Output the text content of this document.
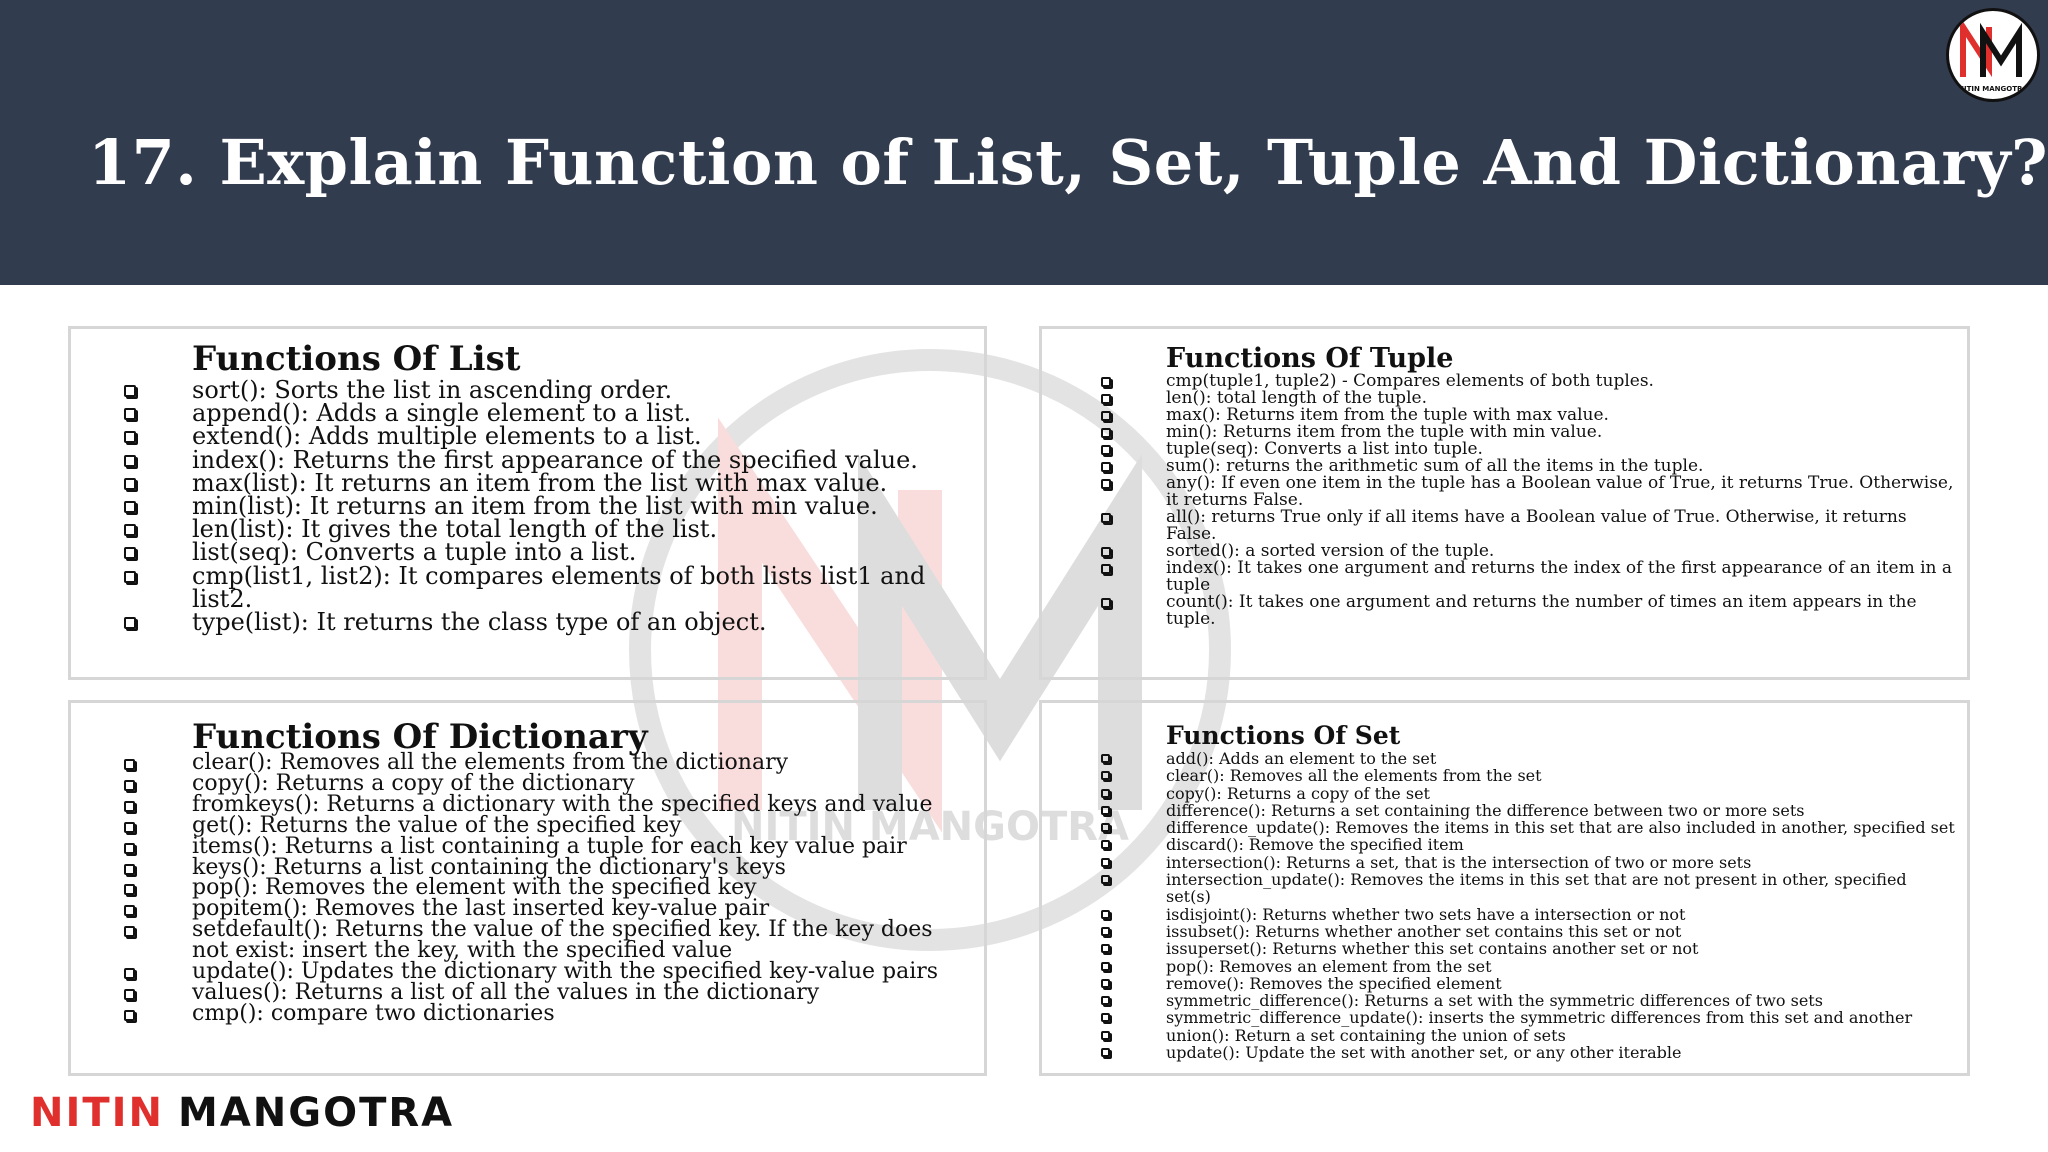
17. Explain Function of List, Set, Tuple And Dictionary?
NITIN MANGOTRA
NITIN MANGOTRA
Functions Of List
sort(): Sorts the list in ascending order.
append(): Adds a single element to a list.
extend(): Adds multiple elements to a list.
index(): Returns the first appearance of the specified value.
max(list): It returns an item from the list with max value.
min(list): It returns an item from the list with min value.
len(list): It gives the total length of the list.
list(seq): Converts a tuple into a list.
cmp(list1, list2): It compares elements of both lists list1 and list2.
type(list): It returns the class type of an object.
Functions Of Tuple
cmp(tuple1, tuple2) - Compares elements of both tuples.
len(): total length of the tuple.
max(): Returns item from the tuple with max value.
min(): Returns item from the tuple with min value.
tuple(seq): Converts a list into tuple.
sum(): returns the arithmetic sum of all the items in the tuple.
any(): If even one item in the tuple has a Boolean value of True, it returns True. Otherwise, it returns False.
all(): returns True only if all items have a Boolean value of True. Otherwise, it returns False.
sorted(): a sorted version of the tuple.
index(): It takes one argument and returns the index of the first appearance of an item in a tuple
count(): It takes one argument and returns the number of times an item appears in the tuple.
Functions Of Dictionary
clear(): Removes all the elements from the dictionary
copy(): Returns a copy of the dictionary
fromkeys(): Returns a dictionary with the specified keys and value
get(): Returns the value of the specified key
items(): Returns a list containing a tuple for each key value pair
keys(): Returns a list containing the dictionary's keys
pop(): Removes the element with the specified key
popitem(): Removes the last inserted key-value pair
setdefault(): Returns the value of the specified key. If the key does not exist: insert the key, with the specified value
update(): Updates the dictionary with the specified key-value pairs
values(): Returns a list of all the values in the dictionary
cmp(): compare two dictionaries
Functions Of Set
add(): Adds an element to the set
clear(): Removes all the elements from the set
copy(): Returns a copy of the set
difference(): Returns a set containing the difference between two or more sets
difference_update(): Removes the items in this set that are also included in another, specified set
discard(): Remove the specified item
intersection(): Returns a set, that is the intersection of two or more sets
intersection_update(): Removes the items in this set that are not present in other, specified set(s)
isdisjoint(): Returns whether two sets have a intersection or not
issubset(): Returns whether another set contains this set or not
issuperset(): Returns whether this set contains another set or not
pop(): Removes an element from the set
remove(): Removes the specified element
symmetric_difference(): Returns a set with the symmetric differences of two sets
symmetric_difference_update(): inserts the symmetric differences from this set and another
union(): Return a set containing the union of sets
update(): Update the set with another set, or any other iterable
NITIN MANGOTRA
